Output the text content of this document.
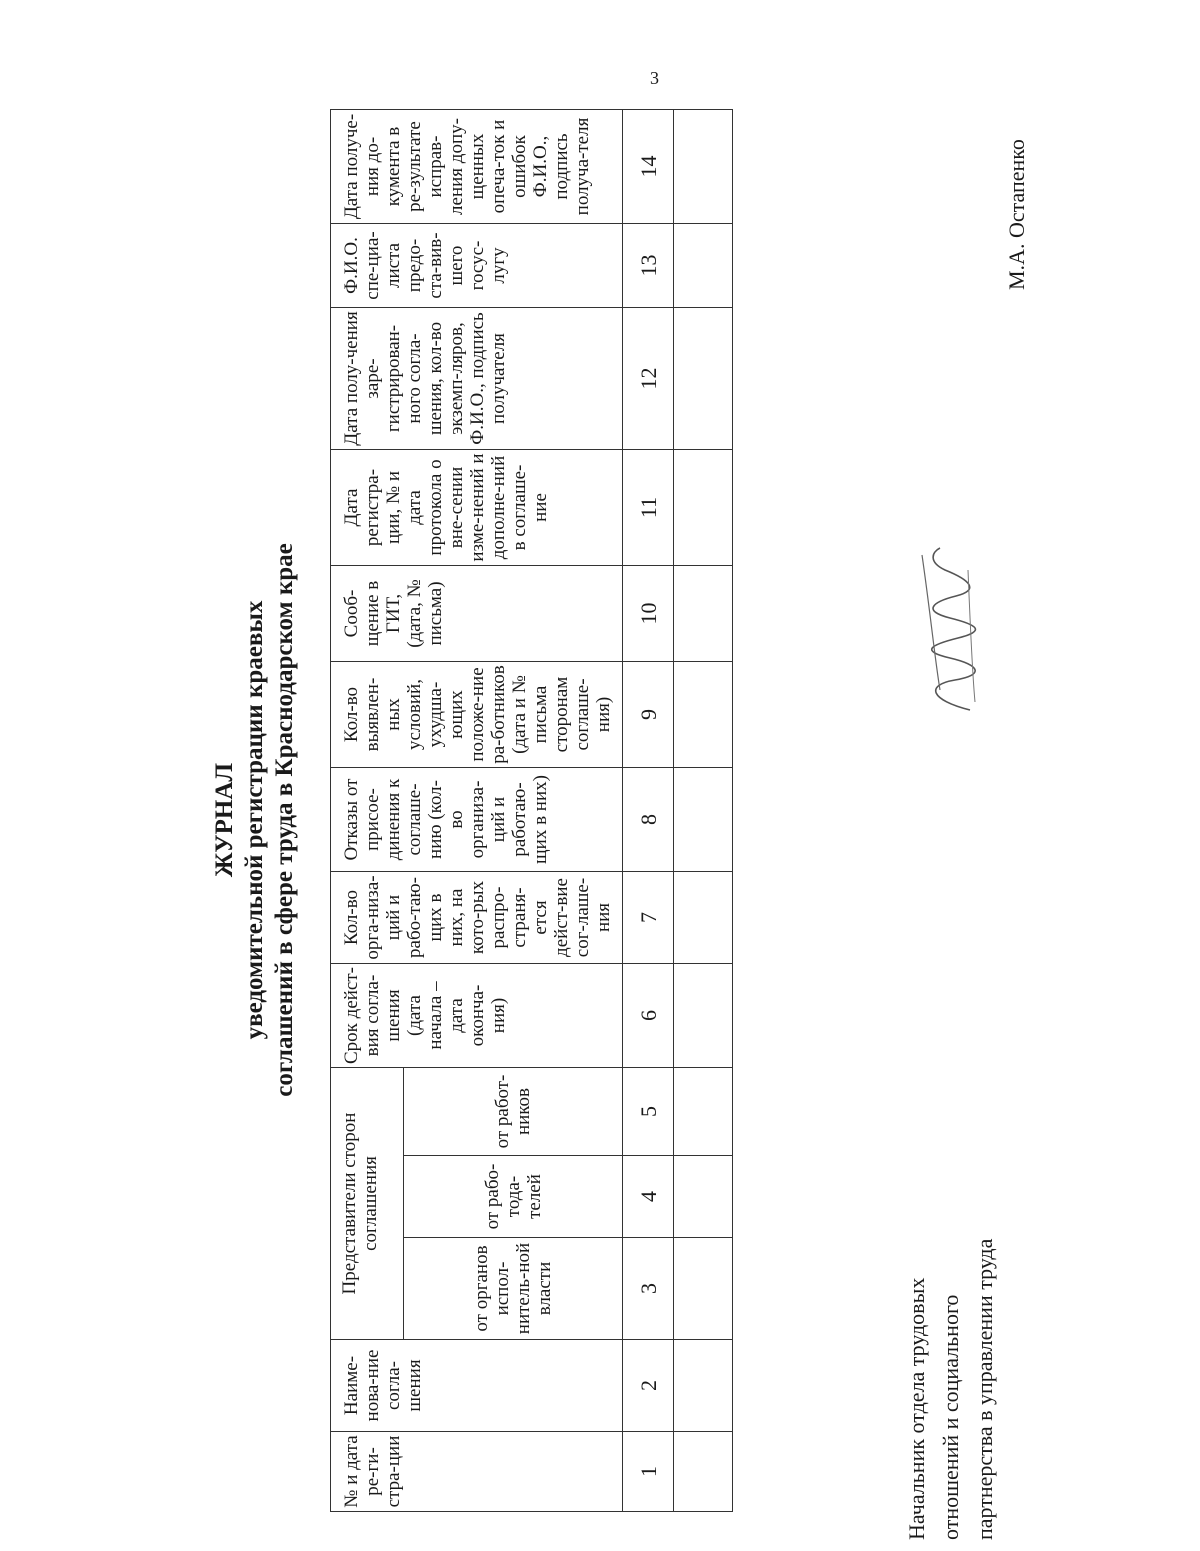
3
ЖУРНАЛ уведомительной регистрации краевых соглашений в сфере труда в Краснодарском крае
№ и дата ре-ги-стра-ции	Наиме-нова-ние согла-шения	Представители сторон соглашения			Срок дейст-вия согла-шения (дата начала – дата оконча-ния)	Кол-во орга-низа-ций и рабо-таю-щих в них, на кото-рых распро-страня-ется дейст-вие сог-лаше-ния	Отказы от присое-динения к соглаше-нию (кол-во организа-ций и работаю-щих в них)	Кол-во выявлен-ных условий, ухудша-ющих положе-ние ра-ботников (дата и № письма сторонам соглаше-ния)	Сооб-щение в ГИТ, (дата, № письма)	Дата регистра-ции, № и дата протокола о вне-сении изме-нений и дополне-ний в соглаше-ние	Дата полу-чения заре-гистрирован-ного согла-шения, кол-во экземп-ляров, Ф.И.О., подпись получателя	Ф.И.О. спе-циа-листа предо-ста-вив-шего госус-лугу	Дата получе-ния до-кумента в ре-зультате исправ-ления допу-щенных опеча-ток и ошибок Ф.И.О., подпись получа-теля
		от органов испол-нитель-ной власти	от рабо-тода-телей	от работ-ников									
1	2	3	4	5	6	7	8	9	10	11	12	13	14

Начальник отдела трудовых отношений и социального партнерства в управлении труда
М.А. Остапенко
